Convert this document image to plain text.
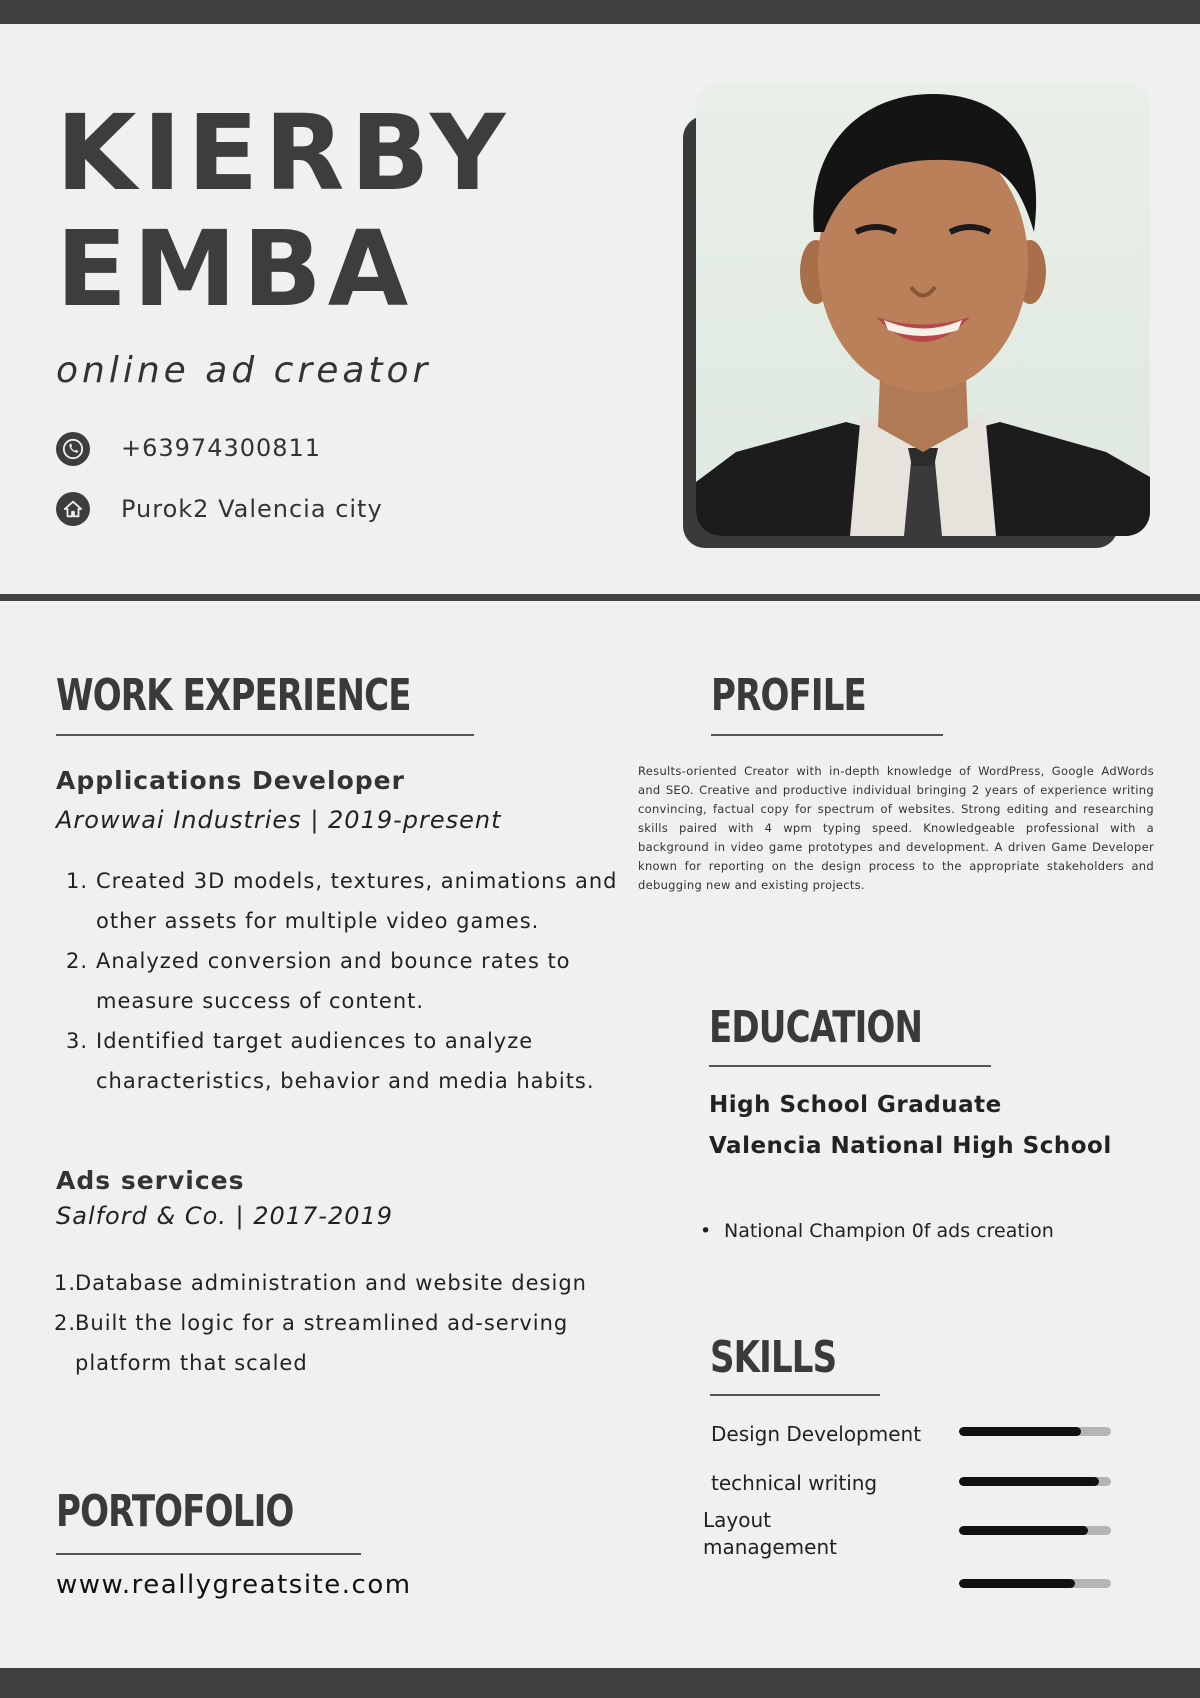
KIERBY
EMBA
online ad creator
+63974300811
Purok2 Valencia city
WORK EXPERIENCE
Applications Developer
Arowwai Industries | 2019-present
1. Created 3D models, textures, animations and other assets for multiple video games.
2. Analyzed conversion and bounce rates to measure success of content.
3. Identified target audiences to analyze characteristics, behavior and media habits.
Ads services
Salford & Co. | 2017-2019
1.
Database administration and website design
2.
Built the logic for a streamlined ad-serving platform that scaled
PORTOFOLIO
www.reallygreatsite.com
PROFILE
Results-oriented Creator with in-depth knowledge of WordPress, Google AdWords and SEO. Creative and productive individual bringing 2 years of experience writing convincing, factual copy for spectrum of websites. Strong editing and researching skills paired with 4 wpm typing speed. Knowledgeable professional with a background in video game prototypes and development. A driven Game Developer known for reporting on the design process to the appropriate stakeholders and debugging new and existing projects.
EDUCATION
High School Graduate
Valencia National High School
• National Champion 0f ads creation
SKILLS
Design Development
technical writing
Layout management
